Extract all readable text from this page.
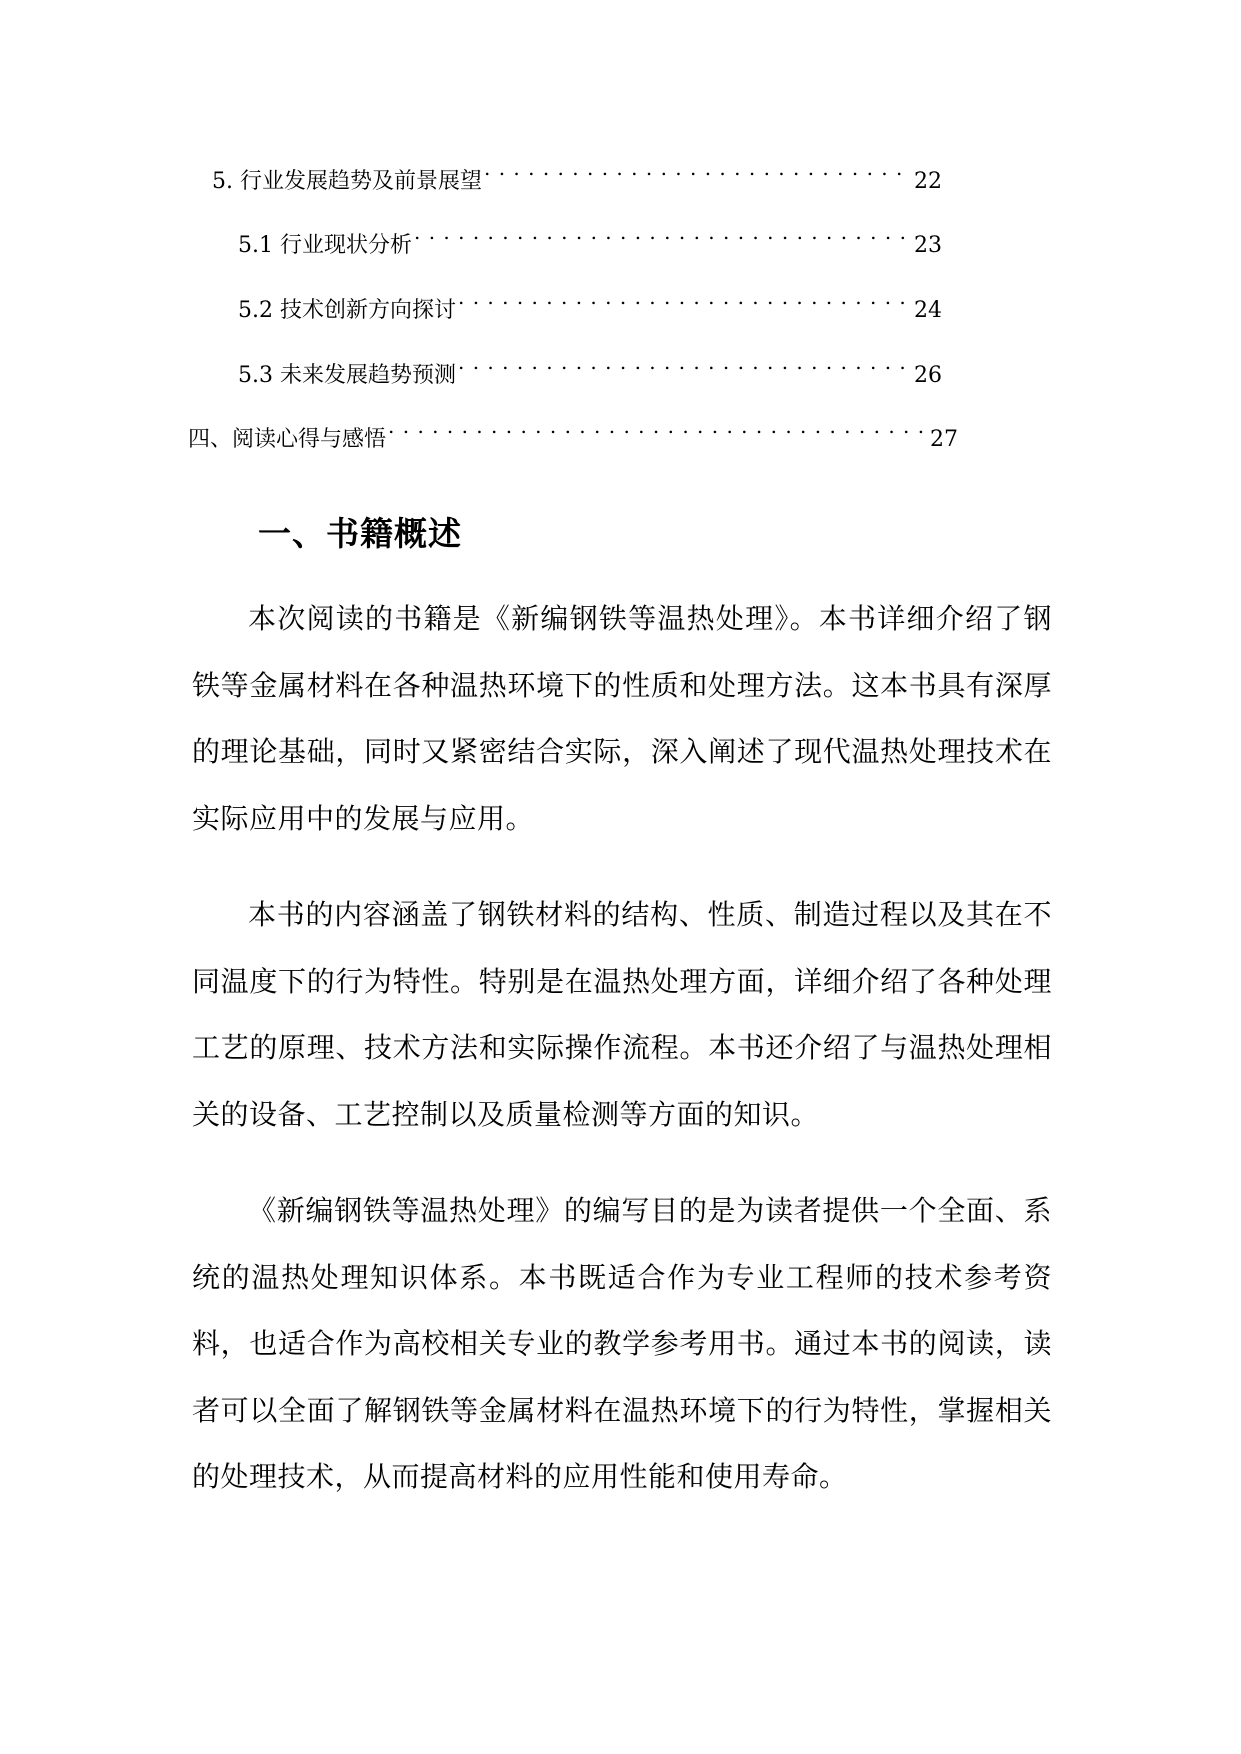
5. 行业发展趋势及前景展望 . . .	22
5.1 行业现状分析 . . .	23
5.2 技术创新方向探讨 . . .	24
5.3 未来发展趋势预测 . . .	26
四、阅读心得与感悟 . . .	27
一、书籍概述

本次阅读的书籍是《新编钢铁等温热处理》。本书详细介绍了钢铁等金属材料在各种温热环境下的性质和处理方法。这本书具有深厚的理论基础，同时又紧密结合实际，深入阐述了现代温热处理技术在实际应用中的发展与应用。

本书的内容涵盖了钢铁材料的结构、性质、制造过程以及其在不同温度下的行为特性。特别是在温热处理方面，详细介绍了各种处理工艺的原理、技术方法和实际操作流程。本书还介绍了与温热处理相关的设备、工艺控制以及质量检测等方面的知识。

《新编钢铁等温热处理》的编写目的是为读者提供一个全面、系统的温热处理知识体系。本书既适合作为专业工程师的技术参考资料，也适合作为高校相关专业的教学参考用书。通过本书的阅读，读者可以全面了解钢铁等金属材料在温热环境下的行为特性，掌握相关的处理技术，从而提高材料的应用性能和使用寿命。
